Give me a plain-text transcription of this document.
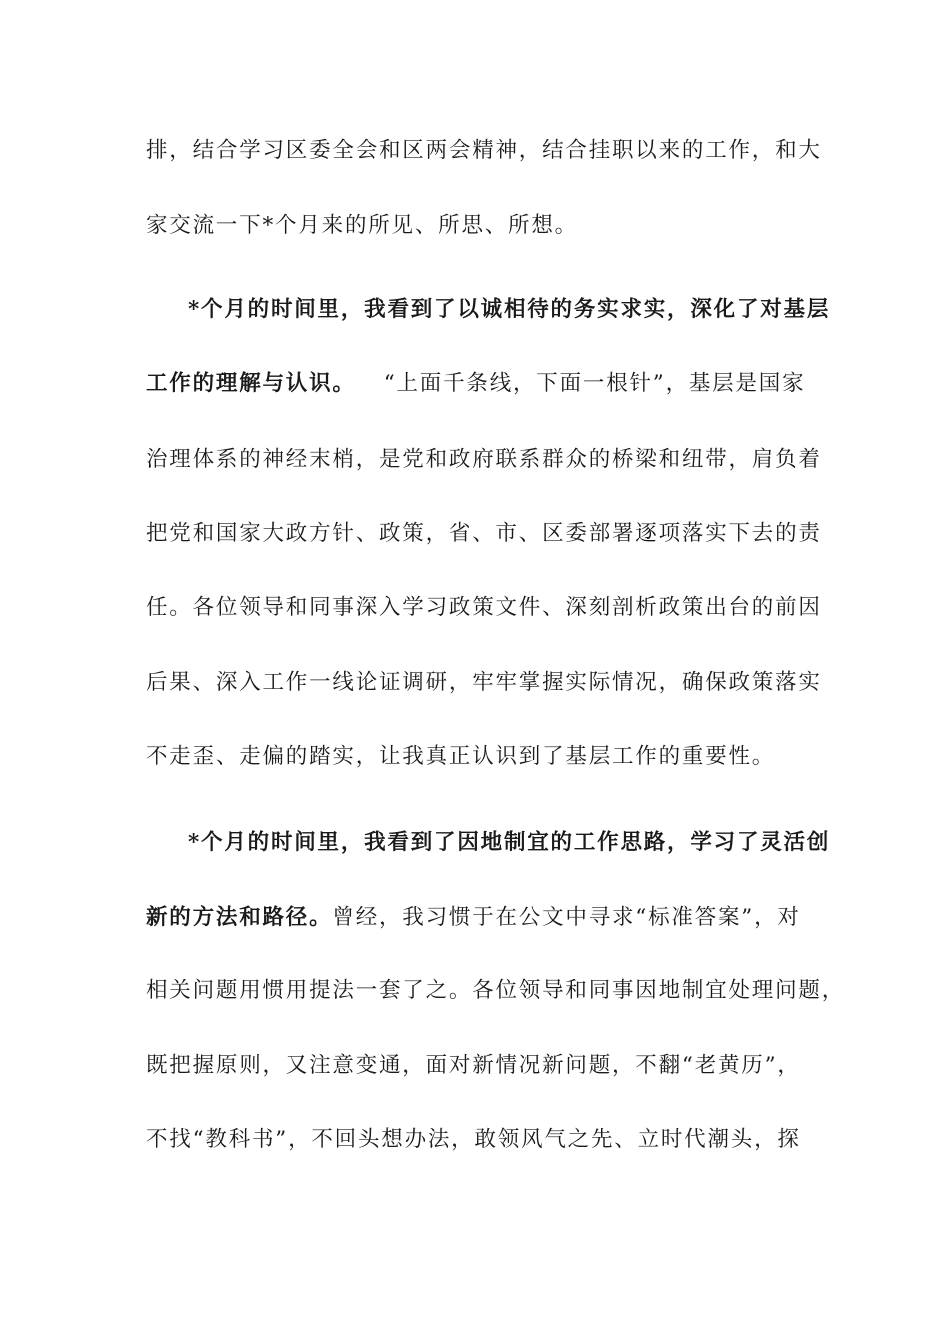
排，结合学习区委全会和区两会精神，结合挂职以来的工作，和大
家交流一下*个月来的所见、所思、所想。
*个月的时间里，我看到了以诚相待的务实求实，深化了对基层
工作的理解与认识。 “上面千条线，下面一根针”，基层是国家
治理体系的神经末梢，是党和政府联系群众的桥梁和纽带，肩负着
把党和国家大政方针、政策，省、市、区委部署逐项落实下去的责
任。各位领导和同事深入学习政策文件、深刻剖析政策出台的前因
后果、深入工作一线论证调研，牢牢掌握实际情况，确保政策落实
不走歪、走偏的踏实，让我真正认识到了基层工作的重要性。
*个月的时间里，我看到了因地制宜的工作思路，学习了灵活创
新的方法和路径。曾经，我习惯于在公文中寻求“标准答案”，对
相关问题用惯用提法一套了之。各位领导和同事因地制宜处理问题，
既把握原则，又注意变通，面对新情况新问题，不翻“老黄历”，
不找“教科书”，不回头想办法，敢领风气之先、立时代潮头，探
